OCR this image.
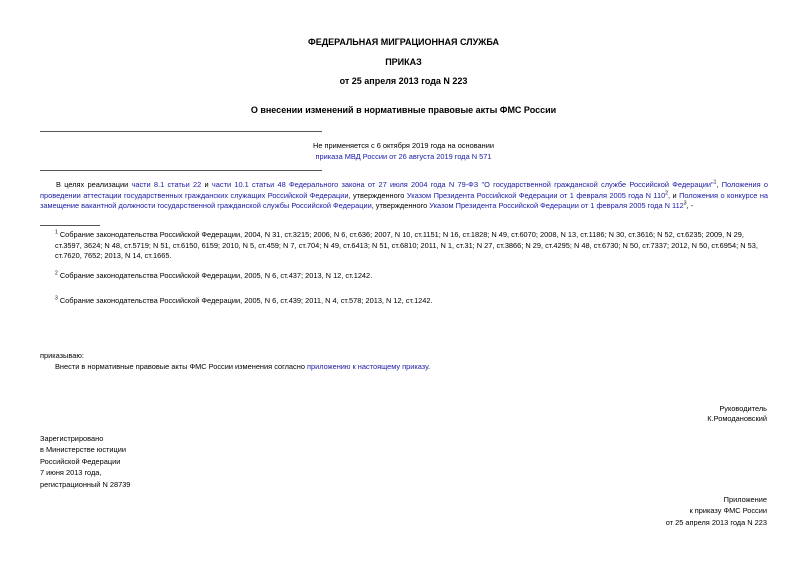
ФЕДЕРАЛЬНАЯ МИГРАЦИОННАЯ СЛУЖБА
ПРИКАЗ
от 25 апреля 2013 года N 223
О внесении изменений в нормативные правовые акты ФМС России
Не применяется с 6 октября 2019 года на основании
приказа МВД России от 26 августа 2019 года N 571

В целях реализации части 8.1 статьи 22 и части 10.1 статьи 48 Федерального закона от 27 июля 2004 года N 79-ФЗ "О государственной гражданской службе Российской Федерации"$^1$, Положения о проведении аттестации государственных гражданских служащих Российской Федерации, утвержденного Указом Президента Российской Федерации от 1 февраля 2005 года N $110^2$, и Положения о конкурсе на замещение вакантной должности государственной гражданской службы Российской Федерации, утвержденного Указом Президента Российской Федерации от 1 февраля 2005 года N $112^3$, -

$^1$ Собрание законодательства Российской Федерации, 2004, N 31, ст.3215; 2006, N 6, ст.636; 2007, N 10, ст.1151; N 16, ст.1828; N 49, ст.6070; 2008, N 13, ст.1186; N 30, ст.3616; N 52, ст.6235; 2009, N 29, ст.3597, 3624; N 48, ст.5719; N 51, ст.6150, 6159; 2010, N 5, ст.459; N 7, ст.704; N 49, ст.6413; N 51, ст.6810; 2011, N 1, ст.31; N 27, ст.3866; N 29, ст.4295; N 48, ст.6730; N 50, ст.7337; 2012, N 50, ст.6954; N 53, ст.7620, 7652; 2013, N 14, ст.1665.

$^2$ Собрание законодательства Российской Федерации, 2005, N 6, ст.437; 2013, N 12, ст.1242.

$^3$ Собрание законодательства Российской Федерации, 2005, N 6, ст.439; 2011, N 4, ст.578; 2013, N 12, ст.1242.

приказываю:
Внести в нормативные правовые акты ФМС России изменения согласно приложению к настоящему приказу.
Руководитель
К.Ромодановский
Зарегистрировано
в Министерстве юстиции
Российской Федерации
7 июня 2013 года,
регистрационный N 28739
Приложение
к приказу ФМС России
от 25 апреля 2013 года N 223
